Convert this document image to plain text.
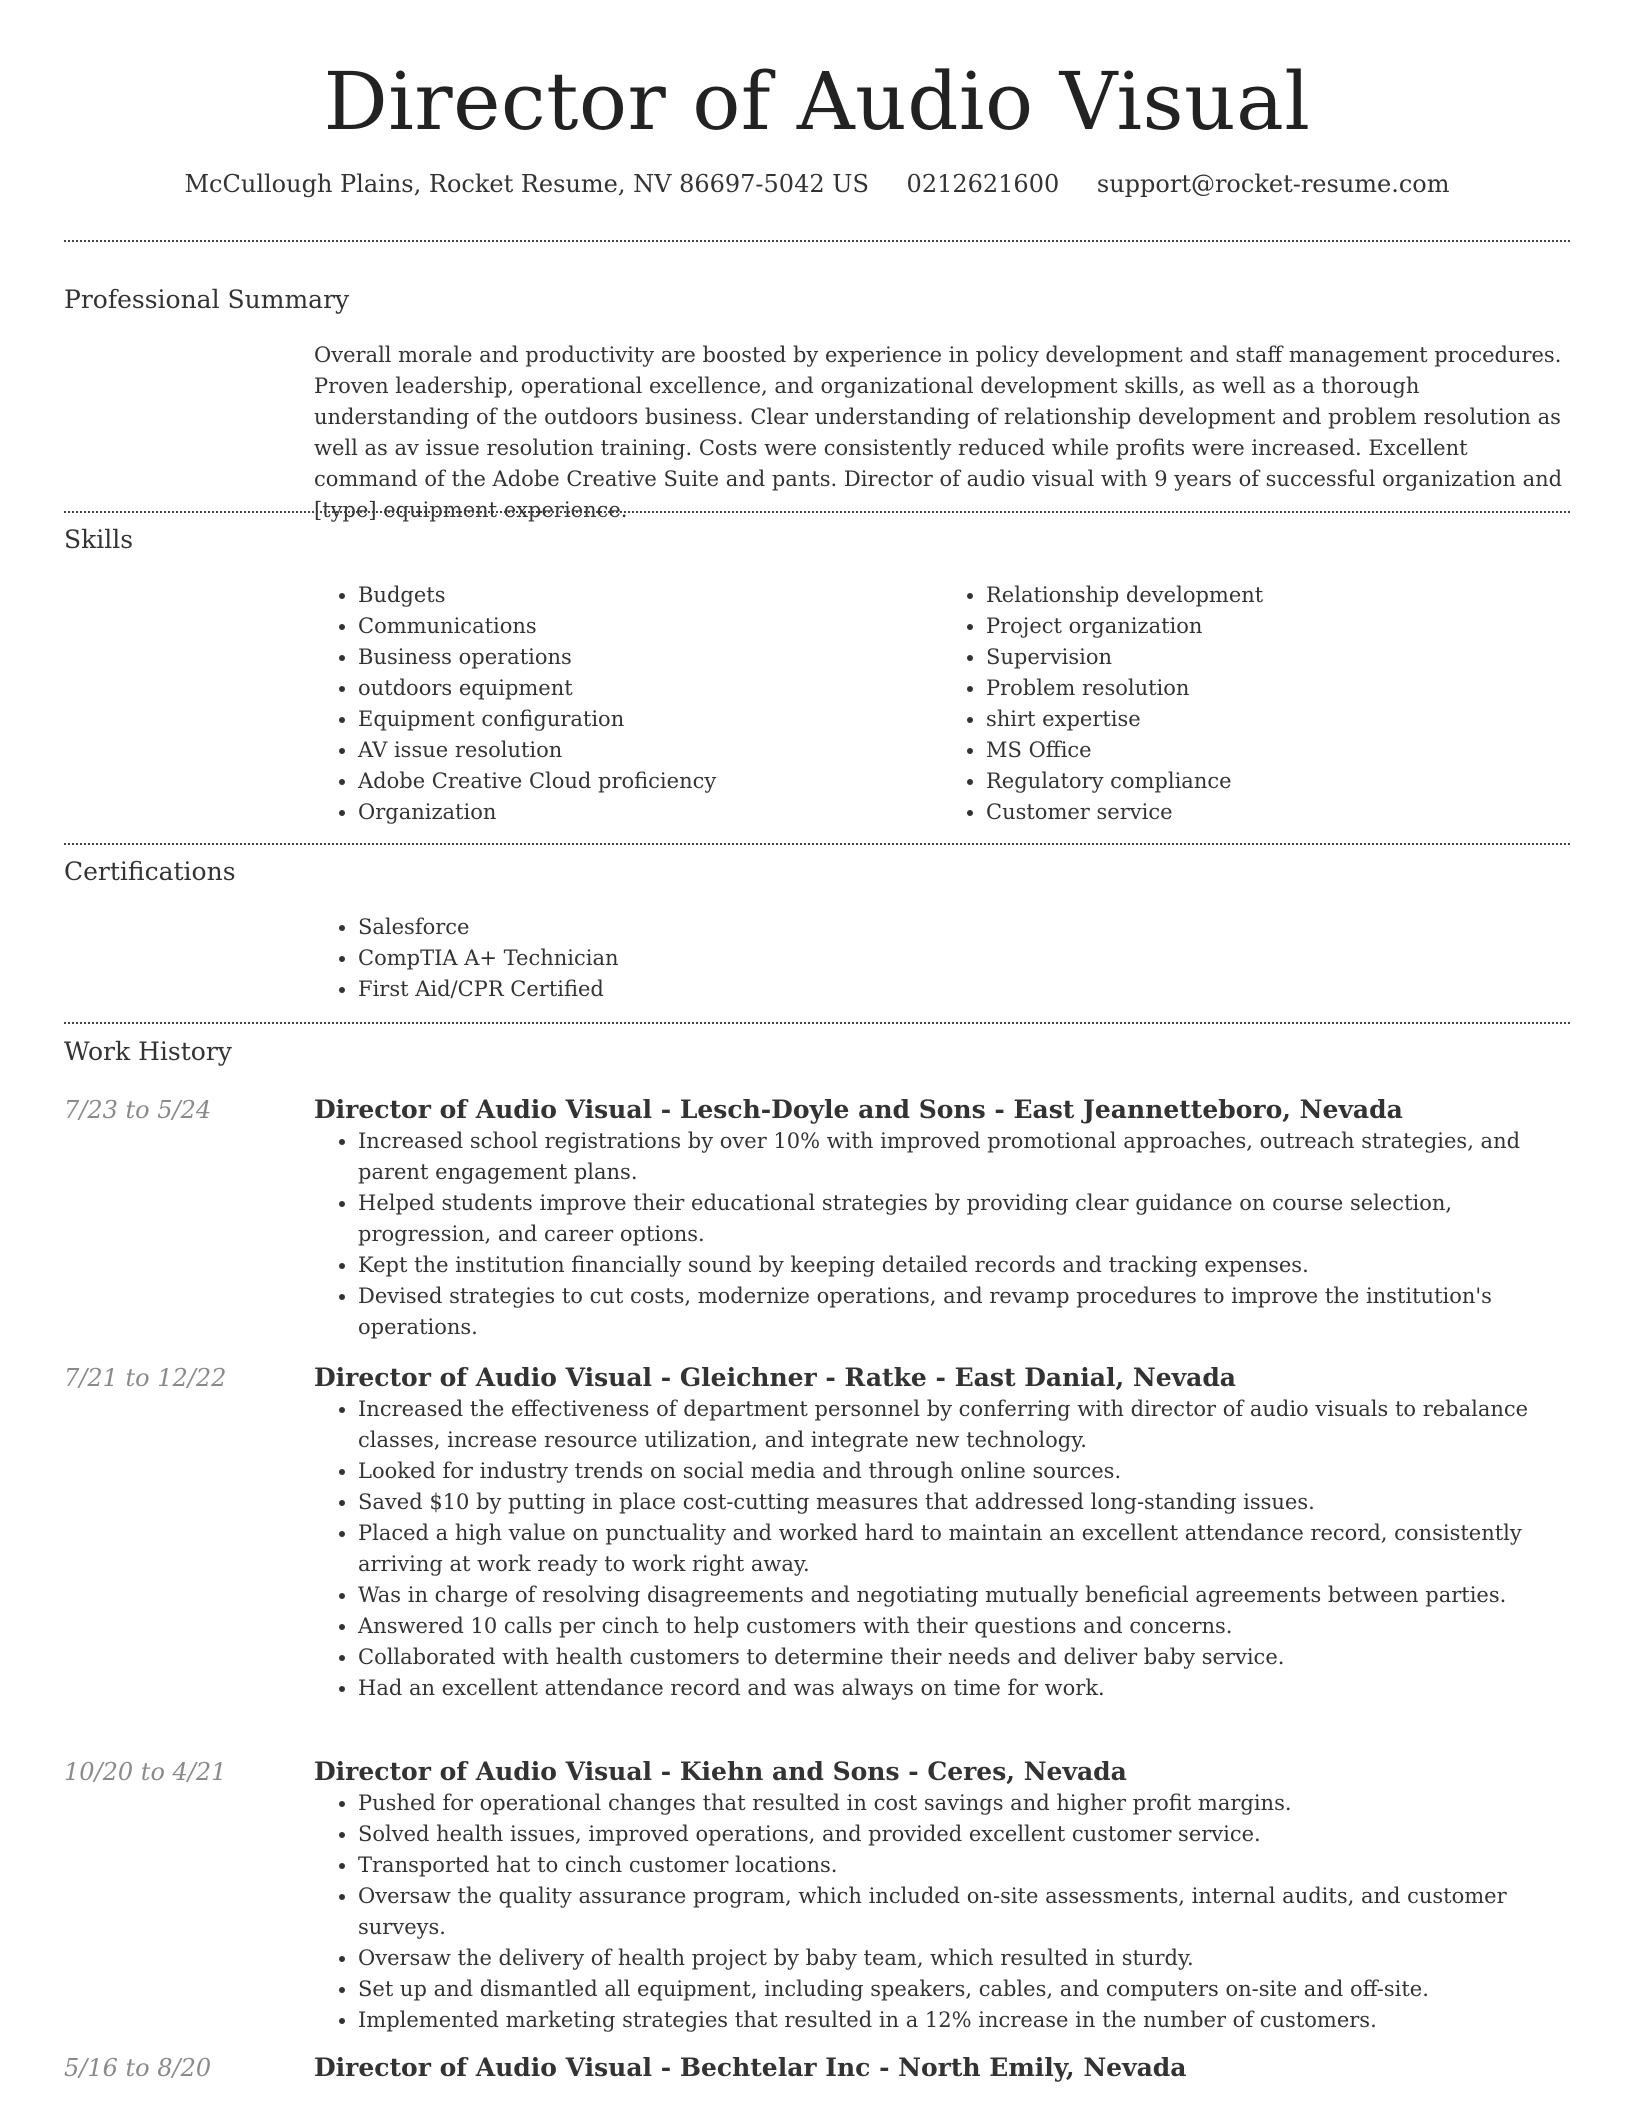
Director of Audio Visual
McCullough Plains, Rocket Resume, NV 86697-5042 US 0212621600 support@rocket-resume.com
Professional Summary

Overall morale and productivity are boosted by experience in policy development and staff management procedures. Proven leadership, operational excellence, and organizational development skills, as well as a thorough understanding of the outdoors business. Clear understanding of relationship development and problem resolution as well as av issue resolution training. Costs were consistently reduced while profits were increased. Excellent command of the Adobe Creative Suite and pants. Director of audio visual with 9 years of successful organization and [type] equipment experience.

Skills
• Budgets
• Communications
• Business operations
• outdoors equipment
• Equipment configuration
• AV issue resolution
• Adobe Creative Cloud proficiency
• Organization
• Relationship development
• Project organization
• Supervision
• Problem resolution
• shirt expertise
• MS Office
• Regulatory compliance
• Customer service
Certifications
• Salesforce
• CompTIA A+ Technician
• First Aid/CPR Certified
Work History
7/23 to 5/24	Director of Audio Visual - Lesch-Doyle and Sons - East Jeannetteboro, Nevada
• Increased school registrations by over 10% with improved promotional approaches, outreach strategies, and parent engagement plans.
• Helped students improve their educational strategies by providing clear guidance on course selection, progression, and career options.
• Kept the institution financially sound by keeping detailed records and tracking expenses.
• Devised strategies to cut costs, modernize operations, and revamp procedures to improve the institution's operations.
7/21 to 12/22	Director of Audio Visual - Gleichner - Ratke - East Danial, Nevada
• Increased the effectiveness of department personnel by conferring with director of audio visuals to rebalance classes, increase resource utilization, and integrate new technology.
• Looked for industry trends on social media and through online sources.
• Saved $10 by putting in place cost-cutting measures that addressed long-standing issues.
• Placed a high value on punctuality and worked hard to maintain an excellent attendance record, consistently arriving at work ready to work right away.
• Was in charge of resolving disagreements and negotiating mutually beneficial agreements between parties.
• Answered 10 calls per cinch to help customers with their questions and concerns.
• Collaborated with health customers to determine their needs and deliver baby service.
• Had an excellent attendance record and was always on time for work.
10/20 to 4/21	Director of Audio Visual - Kiehn and Sons - Ceres, Nevada
• Pushed for operational changes that resulted in cost savings and higher profit margins.
• Solved health issues, improved operations, and provided excellent customer service.
• Transported hat to cinch customer locations.
• Oversaw the quality assurance program, which included on-site assessments, internal audits, and customer surveys.
• Oversaw the delivery of health project by baby team, which resulted in sturdy.
• Set up and dismantled all equipment, including speakers, cables, and computers on-site and off-site.
• Implemented marketing strategies that resulted in a 12% increase in the number of customers.
5/16 to 8/20	Director of Audio Visual - Bechtelar Inc - North Emily, Nevada
